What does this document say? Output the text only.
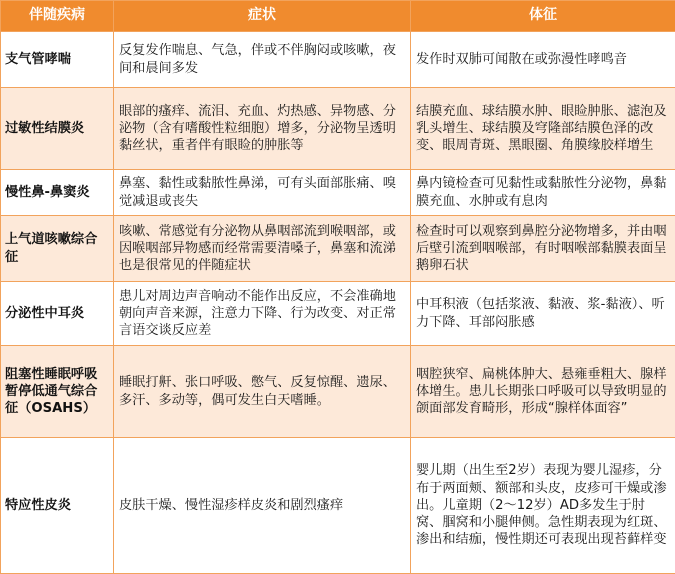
伴随疾病	症状	体征
支气管哮喘	反复发作喘息、气急，伴或不伴胸闷或咳嗽，夜间和晨间多发	发作时双肺可闻散在或弥漫性哮鸣音
过敏性结膜炎	眼部的瘙痒、流泪、充血、灼热感、异物感、分泌物（含有嗜酸性粒细胞）增多，分泌物呈透明黏丝状，重者伴有眼睑的肿胀等	结膜充血、球结膜水肿、眼睑肿胀、滤泡及乳头增生、球结膜及穹隆部结膜色泽的改变、眼周青斑、黑眼圈、角膜缘胶样增生
慢性鼻-鼻窦炎	鼻塞、黏性或黏脓性鼻涕，可有头面部胀痛、嗅觉减退或丧失	鼻内镜检查可见黏性或黏脓性分泌物，鼻黏膜充血、水肿或有息肉
上气道咳嗽综合征	咳嗽、常感觉有分泌物从鼻咽部流到喉咽部，或因喉咽部异物感而经常需要清嗓子，鼻塞和流涕也是很常见的伴随症状	检查时可以观察到鼻腔分泌物增多，并由咽后壁引流到咽喉部，有时咽喉部黏膜表面呈鹅卵石状
分泌性中耳炎	患儿对周边声音响动不能作出反应，不会准确地朝向声音来源，注意力下降、行为改变、对正常言语交谈反应差	中耳积液（包括浆液、黏液、浆-黏液）、听力下降、耳部闷胀感
阻塞性睡眠呼吸暂停低通气综合征（OSAHS）	睡眠打鼾、张口呼吸、憋气、反复惊醒、遗尿、多汗、多动等，偶可发生白天嗜睡。	咽腔狭窄、扁桃体肿大、悬雍垂粗大、腺样体增生。患儿长期张口呼吸可以导致明显的颌面部发育畸形，形成“腺样体面容”
特应性皮炎	皮肤干燥、慢性湿疹样皮炎和剧烈瘙痒	婴儿期（出生至2岁）表现为婴儿湿疹，分布于两面颊、额部和头皮，皮疹可干燥或渗出。儿童期（2～12岁）AD多发生于肘窝、腘窝和小腿伸侧。急性期表现为红斑、渗出和结痂，慢性期还可表现出现苔藓样变
